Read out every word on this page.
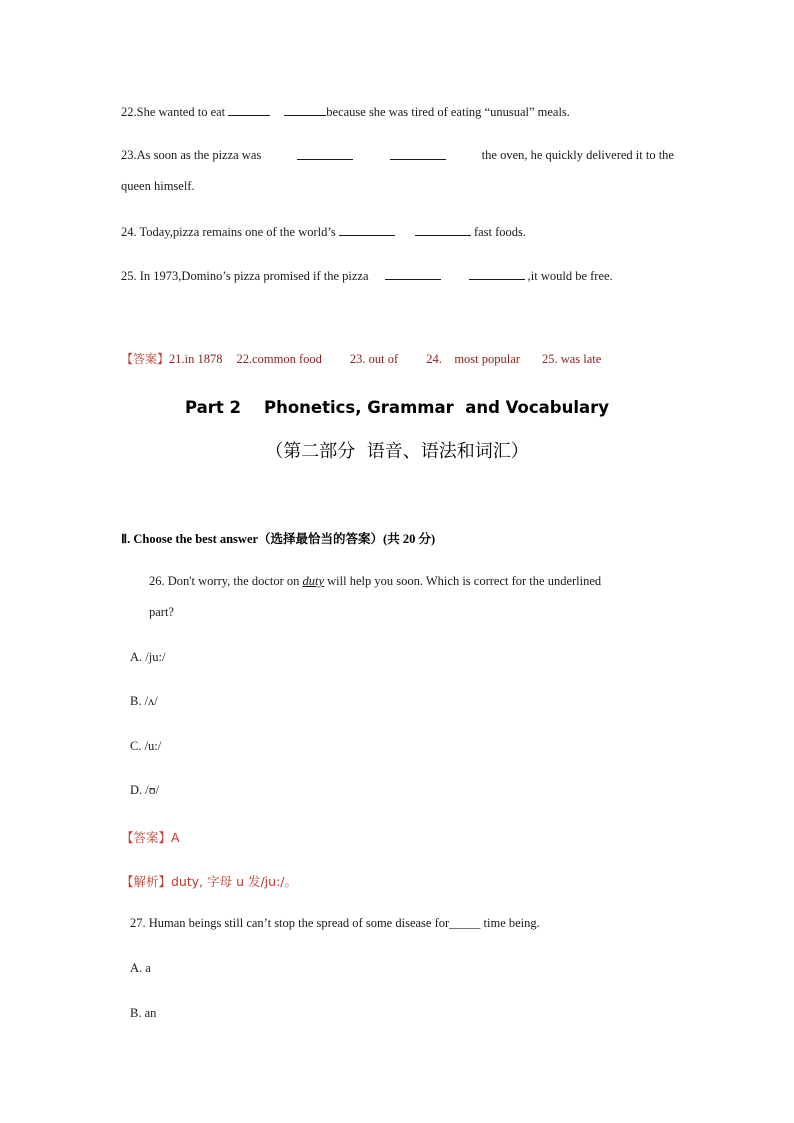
22.She wanted to eat	because she was tired of eating “unusual” meals.
23.As soon as the pizza was	the oven, he quickly delivered it to the
queen himself.
24. Today,pizza remains one of the world’s	fast foods.
25. In 1973,Domino’s pizza promised if the pizza	,it would be free.
【答案】21.in 1878 22.common food 23. out of 24.    most popular 25. was late
Part 2    Phonetics, Grammar  and Vocabulary
（第二部分  语音、语法和词汇）
Ⅱ. Choose the best answer（选择最恰当的答案）(共 20 分)
26. Don't worry, the doctor on duty will help you soon. Which is correct for the underlined
part?
A. /ju:/
B. /ʌ/
C. /u:/
D. /ʊ/
【答案】A
【解析】duty, 字母 u 发/ju:/。
27. Human beings still can’t stop the spread of some disease for_____ time being.
A. a
B. an
